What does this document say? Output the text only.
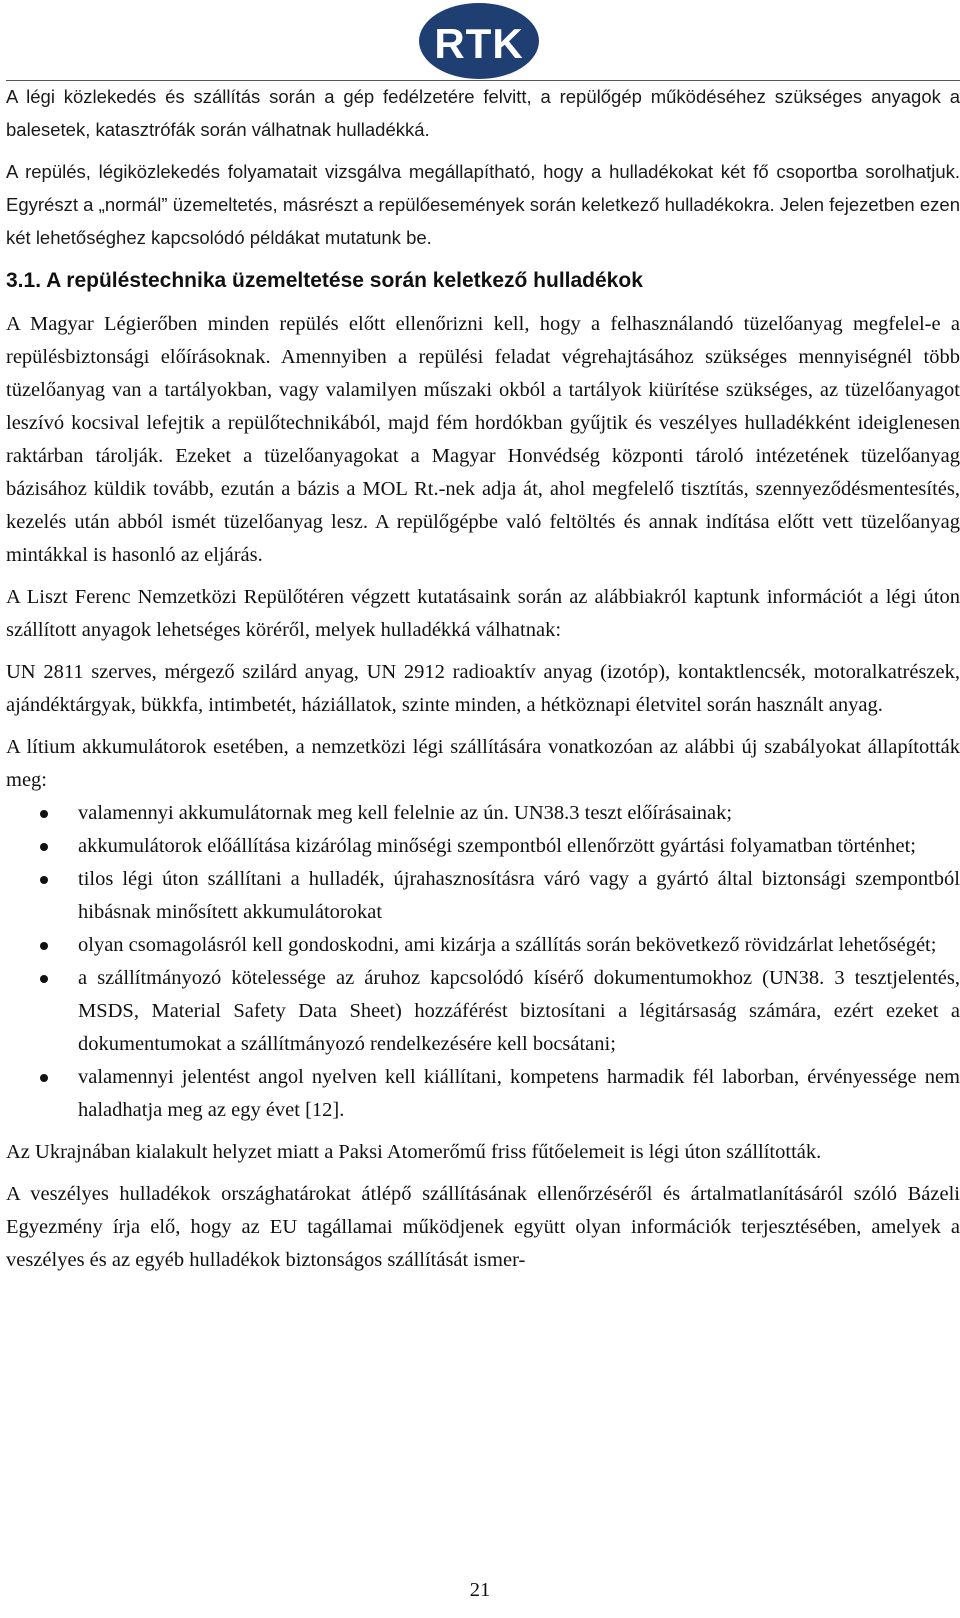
RTK

A légi közlekedés és szállítás során a gép fedélzetére felvitt, a repülőgép működéséhez szükséges anyagok a balesetek, katasztrófák során válhatnak hulladékká.

A repülés, légiközlekedés folyamatait vizsgálva megállapítható, hogy a hulladékokat két fő csoportba sorolhatjuk. Egyrészt a „normál” üzemeltetés, másrészt a repülőesemények során keletkező hulladékokra. Jelen fejezetben ezen két lehetőséghez kapcsolódó példákat mutatunk be.

3.1. A repüléstechnika üzemeltetése során keletkező hulladékok

A Magyar Légierőben minden repülés előtt ellenőrizni kell, hogy a felhasználandó tüzelőanyag megfelel-e a repülésbiztonsági előírásoknak. Amennyiben a repülési feladat végrehajtásához szükséges mennyiségnél több tüzelőanyag van a tartályokban, vagy valamilyen műszaki okból a tartályok kiürítése szükséges, az tüzelőanyagot leszívó kocsival lefejtik a repülőtechnikából, majd fém hordókban gyűjtik és veszélyes hulladékként ideiglenesen raktárban tárolják. Ezeket a tüzelőanyagokat a Magyar Honvédség központi tároló intézetének tüzelőanyag bázisához küldik tovább, ezután a bázis a MOL Rt.-nek adja át, ahol megfelelő tisztítás, szennyeződésmentesítés, kezelés után abból ismét tüzelőanyag lesz. A repülőgépbe való feltöltés és annak indítása előtt vett tüzelőanyag mintákkal is hasonló az eljárás.

A Liszt Ferenc Nemzetközi Repülőtéren végzett kutatásaink során az alábbiakról kaptunk információt a légi úton szállított anyagok lehetséges köréről, melyek hulladékká válhatnak:

UN 2811 szerves, mérgező szilárd anyag, UN 2912 radioaktív anyag (izotóp), kontaktlencsék, motoralkatrészek, ajándéktárgyak, bükkfa, intimbetét, háziállatok, szinte minden, a hétköznapi életvitel során használt anyag.

A lítium akkumulátorok esetében, a nemzetközi légi szállítására vonatkozóan az alábbi új szabályokat állapították meg:

valamennyi akkumulátornak meg kell felelnie az ún. UN38.3 teszt előírásainak;
akkumulátorok előállítása kizárólag minőségi szempontból ellenőrzött gyártási folyamatban történhet;
tilos légi úton szállítani a hulladék, újrahasznosításra váró vagy a gyártó által biztonsági szempontból hibásnak minősített akkumulátorokat
olyan csomagolásról kell gondoskodni, ami kizárja a szállítás során bekövetkező rövidzárlat lehetőségét;
a szállítmányozó kötelessége az áruhoz kapcsolódó kísérő dokumentumokhoz (UN38. 3 tesztjelentés, MSDS, Material Safety Data Sheet) hozzáférést biztosítani a légitársaság számára, ezért ezeket a dokumentumokat a szállítmányozó rendelkezésére kell bocsátani;
valamennyi jelentést angol nyelven kell kiállítani, kompetens harmadik fél laborban, érvényessége nem haladhatja meg az egy évet [12].

Az Ukrajnában kialakult helyzet miatt a Paksi Atomerőmű friss fűtőelemeit is légi úton szállították.

A veszélyes hulladékok országhatárokat átlépő szállításának ellenőrzéséről és ártalmatlanításáról szóló Bázeli Egyezmény írja elő, hogy az EU tagállamai működjenek együtt olyan információk terjesztésében, amelyek a veszélyes és az egyéb hulladékok biztonságos szállítását ismer-

21
